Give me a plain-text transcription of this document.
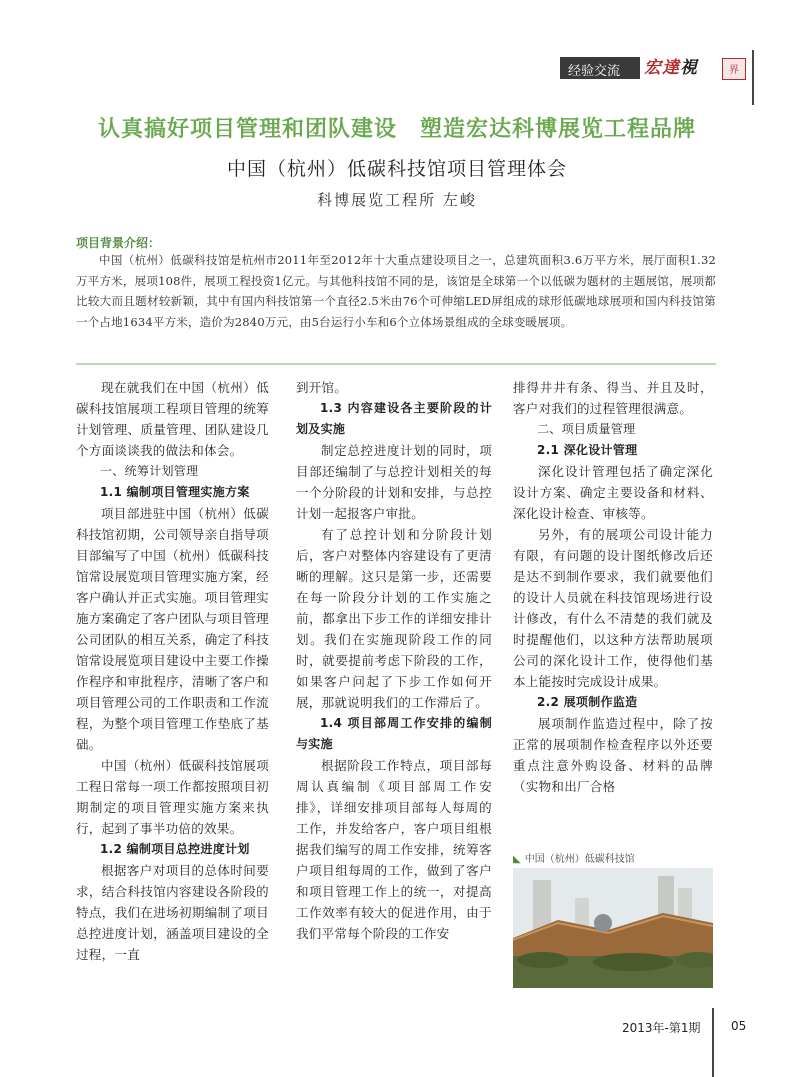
经验交流 宏達視	界
认真搞好项目管理和团队建设　塑造宏达科博展览工程品牌
中国（杭州）低碳科技馆项目管理体会
科博展览工程所 左峻
项目背景介绍：
中国（杭州）低碳科技馆是杭州市2011年至2012年十大重点建设项目之一，总建筑面积3.6万平方米，展厅面积1.32万平方米，展项108件，展项工程投资1亿元。与其他科技馆不同的是，该馆是全球第一个以低碳为题材的主题展馆，展项都比较大而且题材较新颖，其中有国内科技馆第一个直径2.5米由76个可伸缩LED屏组成的球形低碳地球展项和国内科技馆第一个占地1634平方米，造价为2840万元，由5台运行小车和6个立体场景组成的全球变暖展项。

现在就我们在中国（杭州）低碳科技馆展项工程项目管理的统筹计划管理、质量管理、团队建设几个方面谈谈我的做法和体会。

一、统筹计划管理

1.1 编制项目管理实施方案

项目部进驻中国（杭州）低碳科技馆初期，公司领导亲自指导项目部编写了中国（杭州）低碳科技馆常设展览项目管理实施方案，经客户确认并正式实施。项目管理实施方案确定了客户团队与项目管理公司团队的相互关系，确定了科技馆常设展览项目建设中主要工作操作程序和审批程序，清晰了客户和项目管理公司的工作职责和工作流程，为整个项目管理工作垫底了基础。

中国（杭州）低碳科技馆展项工程日常每一项工作都按照项目初期制定的项目管理实施方案来执行，起到了事半功倍的效果。

1.2 编制项目总控进度计划

根据客户对项目的总体时间要求，结合科技馆内容建设各阶段的特点，我们在进场初期编制了项目总控进度计划，涵盖项目建设的全过程，一直

到开馆。

1.3 内容建设各主要阶段的计划及实施

制定总控进度计划的同时，项目部还编制了与总控计划相关的每一个分阶段的计划和安排，与总控计划一起报客户审批。

有了总控计划和分阶段计划后，客户对整体内容建设有了更清晰的理解。这只是第一步，还需要在每一阶段分计划的工作实施之前，都拿出下步工作的详细安排计划。我们在实施现阶段工作的同时，就要提前考虑下阶段的工作，如果客户问起了下步工作如何开展，那就说明我们的工作滞后了。

1.4 项目部周工作安排的编制与实施

根据阶段工作特点，项目部每周认真编制《项目部周工作安排》，详细安排项目部每人每周的工作，并发给客户，客户项目组根据我们编写的周工作安排，统筹客户项目组每周的工作，做到了客户和项目管理工作上的统一，对提高工作效率有较大的促进作用，由于我们平常每个阶段的工作安

排得井井有条、得当、并且及时，客户对我们的过程管理很满意。

二、项目质量管理

2.1 深化设计管理

深化设计管理包括了确定深化设计方案、确定主要设备和材料、深化设计检查、审核等。

另外，有的展项公司设计能力有限，有问题的设计图纸修改后还是达不到制作要求，我们就要他们的设计人员就在科技馆现场进行设计修改，有什么不清楚的我们就及时提醒他们，以这种方法帮助展项公司的深化设计工作，使得他们基本上能按时完成设计成果。

2.2 展项制作监造

展项制作监造过程中，除了按正常的展项制作检查程序以外还要重点注意外购设备、材料的品牌（实物和出厂合格

◣ 中国（杭州）低碳科技馆
2013年-第1期	05
